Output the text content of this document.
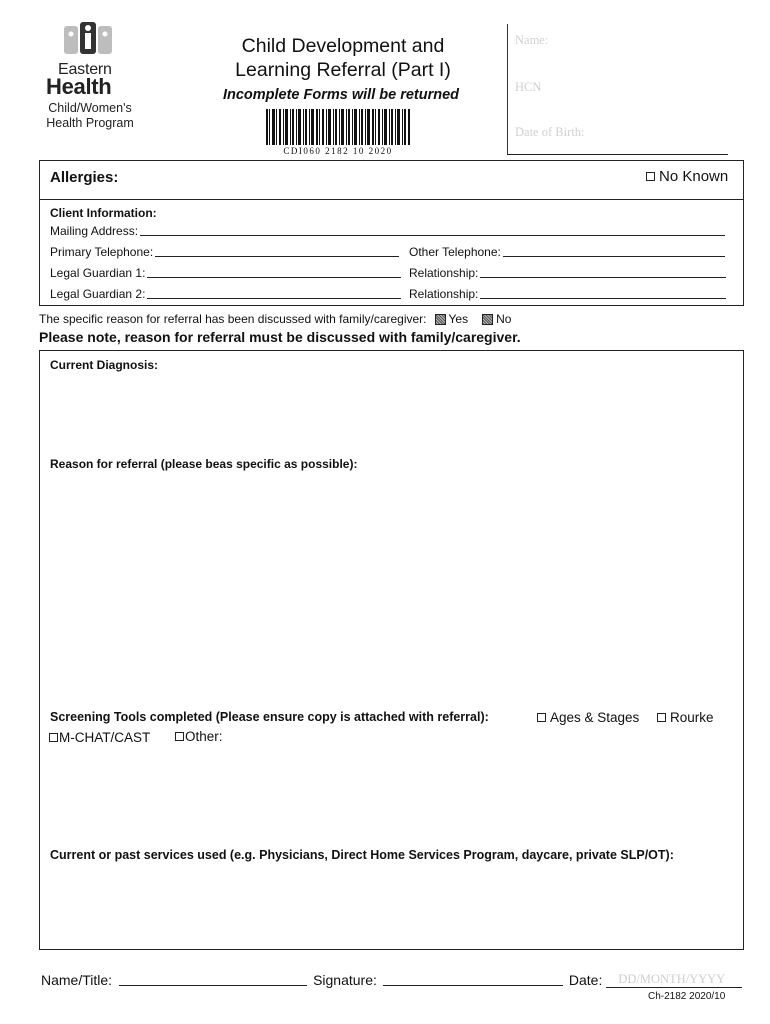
Eastern
Health
Child/Women's
Health Program
Child Development and
Learning Referral (Part I)
Incomplete Forms will be returned
CDI060 2182 10 2020
Name:
HCN
Date of Birth:
Allergies:	No Known
Client Information:
Mailing Address:
Primary Telephone:	Other Telephone:
Legal Guardian 1:	Relationship:
Legal Guardian 2:	Relationship:
The specific reason for referral has been discussed with family/caregiver: Yes No
Please note, reason for referral must be discussed with family/caregiver.
Current Diagnosis:
Reason for referral (please beas specific as possible):
Screening Tools completed (Please ensure copy is attached with referral):	Ages & Stages Rourke
M-CHAT/CAST	Other:
Current or past services used (e.g. Physicians, Direct Home Services Program, daycare, private SLP/OT):
Name/Title:	Signature:	Date:	DD/MONTH/YYYY
Ch-2182 2020/10
